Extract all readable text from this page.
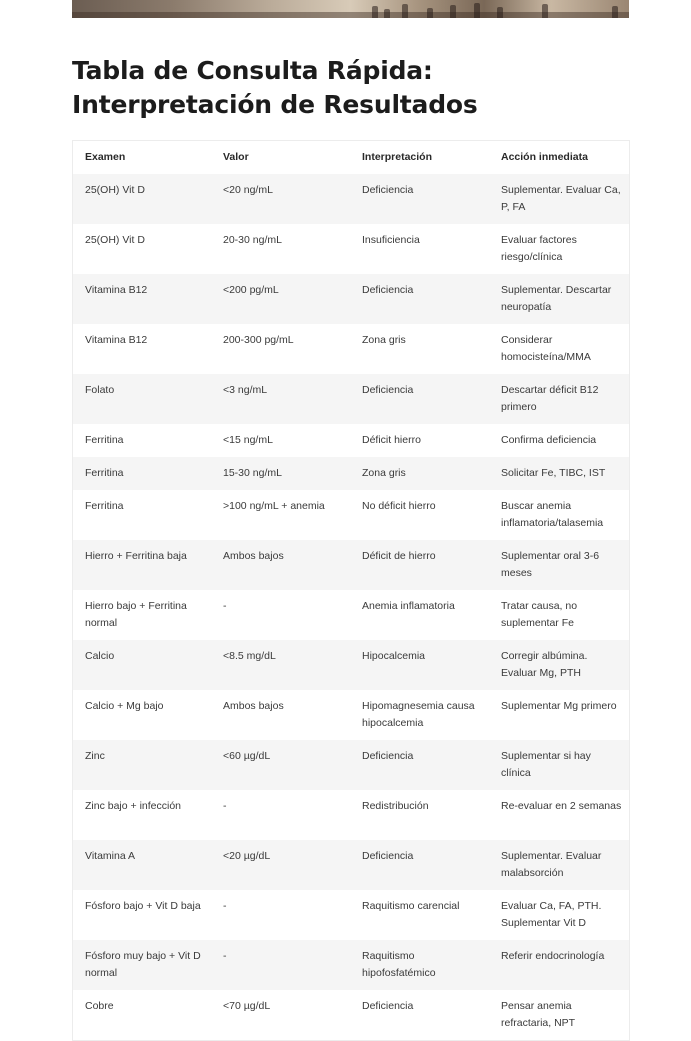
Tabla de Consulta Rápida: Interpretación de Resultados
Examen	Valor	Interpretación	Acción inmediata
25(OH) Vit D	<20 ng/mL	Deficiencia	Suplementar. Evaluar Ca, P, FA
25(OH) Vit D	20-30 ng/mL	Insuficiencia	Evaluar factores riesgo/clínica
Vitamina B12	<200 pg/mL	Deficiencia	Suplementar. Descartar neuropatía
Vitamina B12	200-300 pg/mL	Zona gris	Considerar homocisteína/MMA
Folato	<3 ng/mL	Deficiencia	Descartar déficit B12 primero
Ferritina	<15 ng/mL	Déficit hierro	Confirma deficiencia
Ferritina	15-30 ng/mL	Zona gris	Solicitar Fe, TIBC, IST
Ferritina	>100 ng/mL + anemia	No déficit hierro	Buscar anemia inflamatoria/talasemia
Hierro + Ferritina baja	Ambos bajos	Déficit de hierro	Suplementar oral 3-6 meses
Hierro bajo + Ferritina normal	-	Anemia inflamatoria	Tratar causa, no suplementar Fe
Calcio	<8.5 mg/dL	Hipocalcemia	Corregir albúmina. Evaluar Mg, PTH
Calcio + Mg bajo	Ambos bajos	Hipomagnesemia causa hipocalcemia	Suplementar Mg primero
Zinc	<60 µg/dL	Deficiencia	Suplementar si hay clínica
Zinc bajo + infección	-	Redistribución	Re-evaluar en 2 semanas
Vitamina A	<20 µg/dL	Deficiencia	Suplementar. Evaluar malabsorción
Fósforo bajo + Vit D baja	-	Raquitismo carencial	Evaluar Ca, FA, PTH. Suplementar Vit D
Fósforo muy bajo + Vit D normal	-	Raquitismo hipofosfatémico	Referir endocrinología
Cobre	<70 µg/dL	Deficiencia	Pensar anemia refractaria, NPT
